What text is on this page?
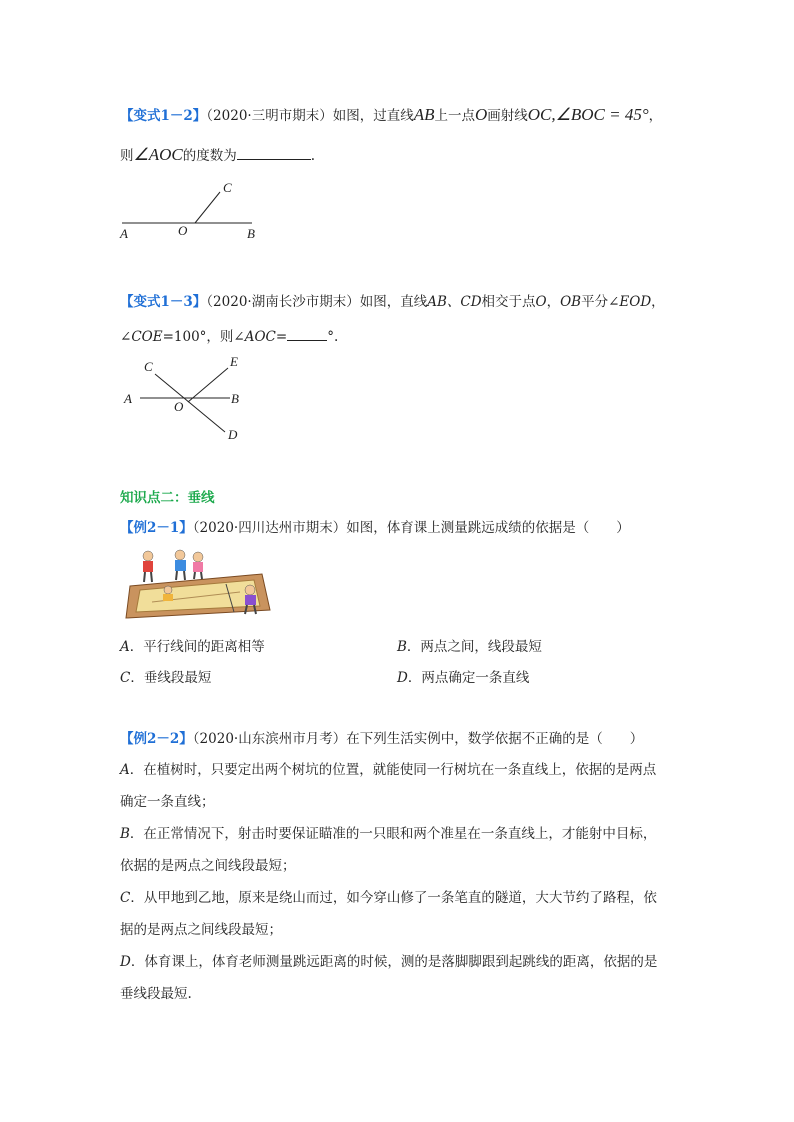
【变式1－2】（2020·三明市期末）如图，过直线AB上一点O画射线OC,∠BOC = 45°，
则∠AOC的度数为	.
A	O	B
C
【变式1－3】（2020·湖南长沙市期末）如图，直线AB、CD相交于点O，OB平分∠EOD，
∠COE=100°，则∠AOC=	°.
A
O
B
C
D
E
知识点二：垂线
【例2－1】（2020·四川达州市期末）如图，体育课上测量跳远成绩的依据是（　　）
A．平行线间的距离相等	B．两点之间，线段最短
C．垂线段最短	D．两点确定一条直线
【例2－2】（2020·山东滨州市月考）在下列生活实例中，数学依据不正确的是（　　）
A．在植树时，只要定出两个树坑的位置，就能使同一行树坑在一条直线上，依据的是两点
确定一条直线；
B．在正常情况下，射击时要保证瞄准的一只眼和两个准星在一条直线上，才能射中目标，
依据的是两点之间线段最短；
C．从甲地到乙地，原来是绕山而过，如今穿山修了一条笔直的隧道，大大节约了路程，依
据的是两点之间线段最短；
D．体育课上，体育老师测量跳远距离的时候，测的是落脚脚跟到起跳线的距离，依据的是
垂线段最短.
